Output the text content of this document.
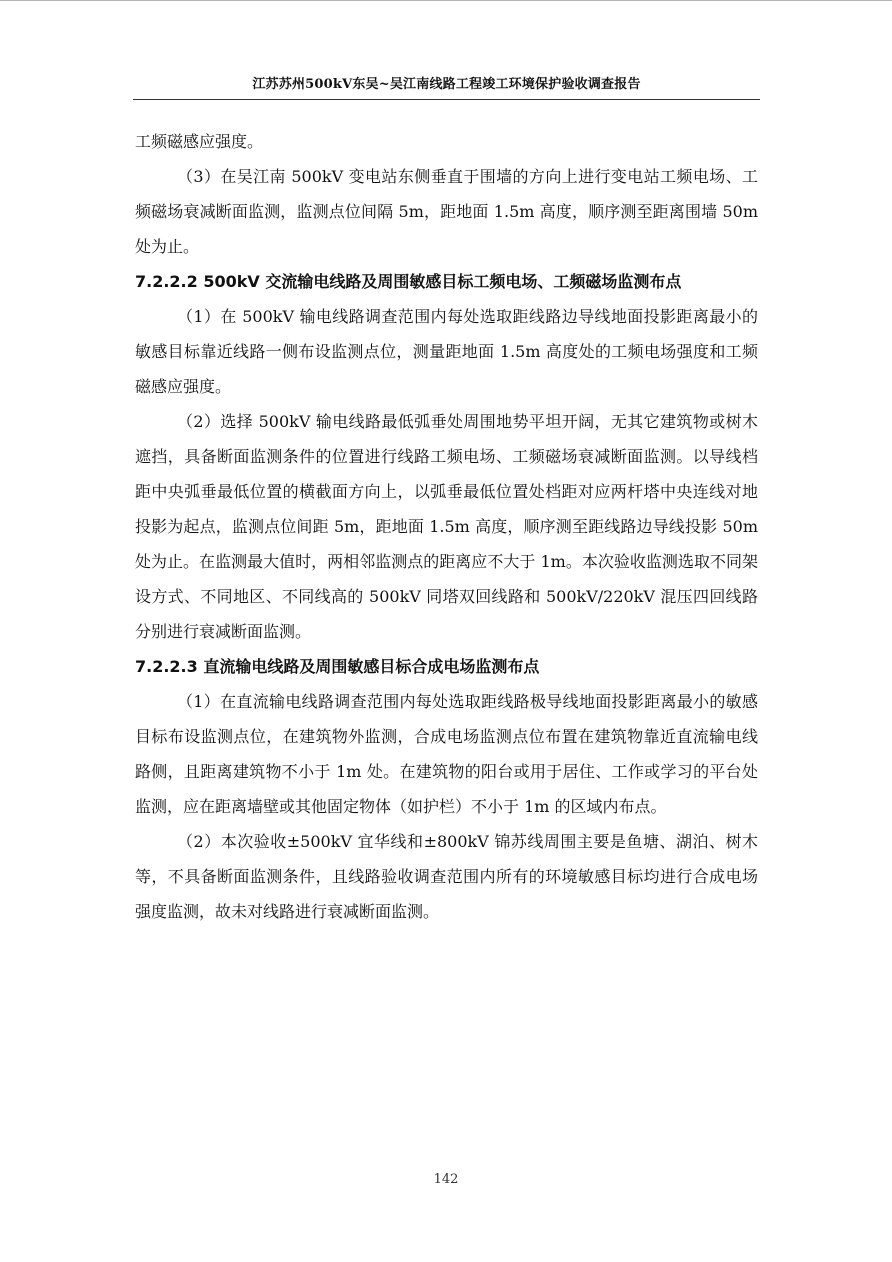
江苏苏州500kV东吴~吴江南线路工程竣工环境保护验收调查报告

工频磁感应强度。

（3）在吴江南 500kV 变电站东侧垂直于围墙的方向上进行变电站工频电场、工频磁场衰减断面监测，监测点位间隔 5m，距地面 1.5m 高度，顺序测至距离围墙 50m 处为止。

7.2.2.2 500kV 交流输电线路及周围敏感目标工频电场、工频磁场监测布点

（1）在 500kV 输电线路调查范围内每处选取距线路边导线地面投影距离最小的敏感目标靠近线路一侧布设监测点位，测量距地面 1.5m 高度处的工频电场强度和工频磁感应强度。

（2）选择 500kV 输电线路最低弧垂处周围地势平坦开阔，无其它建筑物或树木遮挡，具备断面监测条件的位置进行线路工频电场、工频磁场衰减断面监测。以导线档距中央弧垂最低位置的横截面方向上，以弧垂最低位置处档距对应两杆塔中央连线对地投影为起点，监测点位间距 5m，距地面 1.5m 高度，顺序测至距线路边导线投影 50m 处为止。在监测最大值时，两相邻监测点的距离应不大于 1m。本次验收监测选取不同架设方式、不同地区、不同线高的 500kV 同塔双回线路和 500kV/220kV 混压四回线路分别进行衰减断面监测。

7.2.2.3 直流输电线路及周围敏感目标合成电场监测布点

（1）在直流输电线路调查范围内每处选取距线路极导线地面投影距离最小的敏感目标布设监测点位，在建筑物外监测，合成电场监测点位布置在建筑物靠近直流输电线路侧，且距离建筑物不小于 1m 处。在建筑物的阳台或用于居住、工作或学习的平台处监测，应在距离墙壁或其他固定物体（如护栏）不小于 1m 的区域内布点。

（2）本次验收±500kV 宜华线和±800kV 锦苏线周围主要是鱼塘、湖泊、树木等，不具备断面监测条件，且线路验收调查范围内所有的环境敏感目标均进行合成电场强度监测，故未对线路进行衰减断面监测。

142
